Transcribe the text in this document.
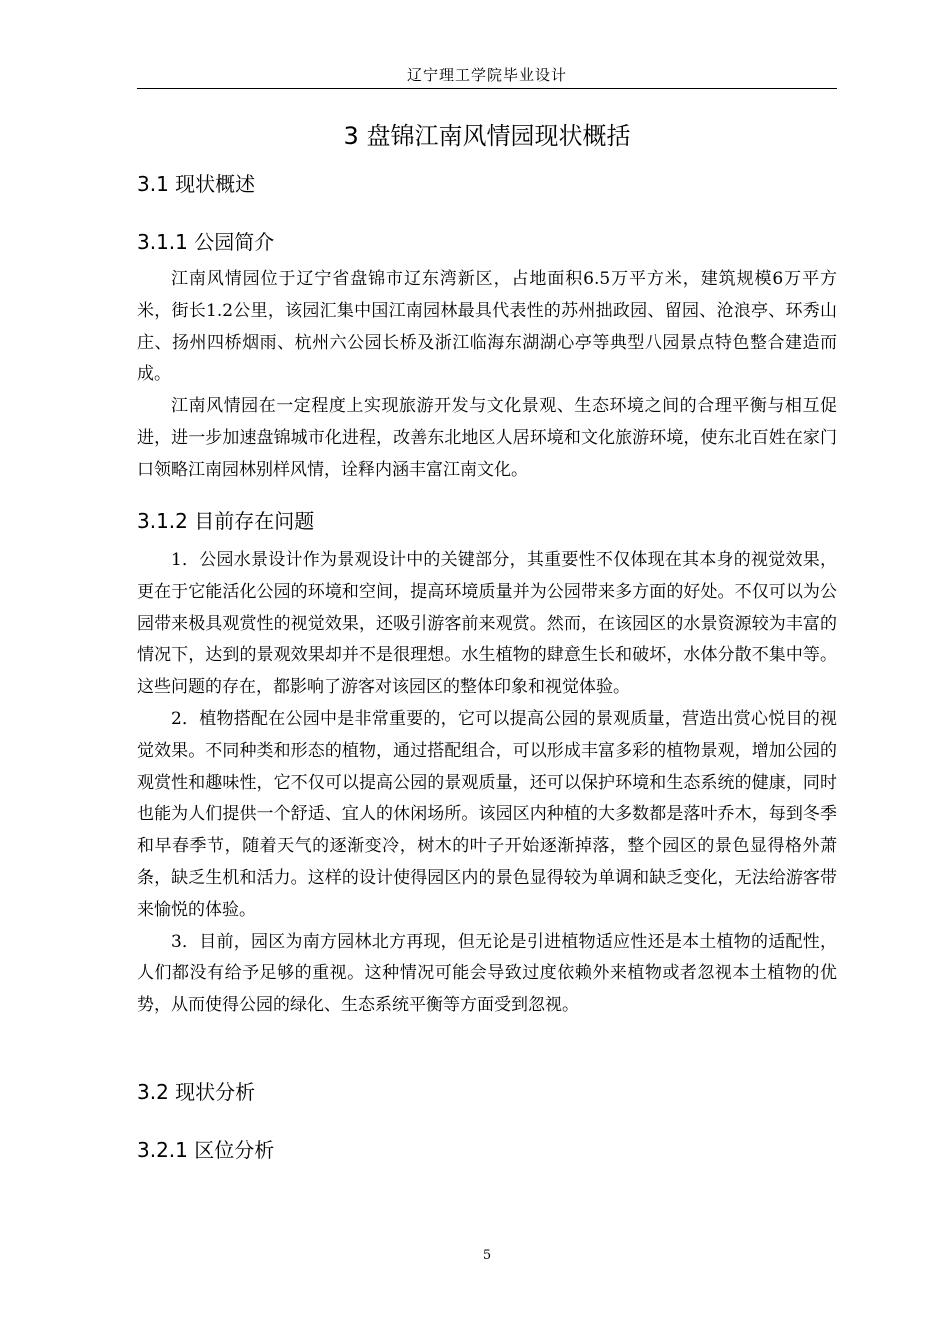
辽宁理工学院毕业设计
3 盘锦江南风情园现状概括
3.1 现状概述
3.1.1 公园简介

江南风情园位于辽宁省盘锦市辽东湾新区，占地面积6.5万平方米，建筑规模6万平方米，街长1.2公里，该园汇集中国江南园林最具代表性的苏州拙政园、留园、沧浪亭、环秀山庄、扬州四桥烟雨、杭州六公园长桥及浙江临海东湖湖心亭等典型八园景点特色整合建造而成。

江南风情园在一定程度上实现旅游开发与文化景观、生态环境之间的合理平衡与相互促进，进一步加速盘锦城市化进程，改善东北地区人居环境和文化旅游环境，使东北百姓在家门口领略江南园林别样风情，诠释内涵丰富江南文化。

3.1.2 目前存在问题

1．公园水景设计作为景观设计中的关键部分，其重要性不仅体现在其本身的视觉效果，更在于它能活化公园的环境和空间，提高环境质量并为公园带来多方面的好处。不仅可以为公园带来极具观赏性的视觉效果，还吸引游客前来观赏。然而，在该园区的水景资源较为丰富的情况下，达到的景观效果却并不是很理想。水生植物的肆意生长和破坏，水体分散不集中等。这些问题的存在，都影响了游客对该园区的整体印象和视觉体验。

2．植物搭配在公园中是非常重要的，它可以提高公园的景观质量，营造出赏心悦目的视觉效果。不同种类和形态的植物，通过搭配组合，可以形成丰富多彩的植物景观，增加公园的观赏性和趣味性，它不仅可以提高公园的景观质量，还可以保护环境和生态系统的健康，同时也能为人们提供一个舒适、宜人的休闲场所。该园区内种植的大多数都是落叶乔木，每到冬季和早春季节，随着天气的逐渐变冷，树木的叶子开始逐渐掉落，整个园区的景色显得格外萧条，缺乏生机和活力。这样的设计使得园区内的景色显得较为单调和缺乏变化，无法给游客带来愉悦的体验。

3．目前，园区为南方园林北方再现，但无论是引进植物适应性还是本土植物的适配性，人们都没有给予足够的重视。这种情况可能会导致过度依赖外来植物或者忽视本土植物的优势，从而使得公园的绿化、生态系统平衡等方面受到忽视。

3.2 现状分析
3.2.1 区位分析
5
